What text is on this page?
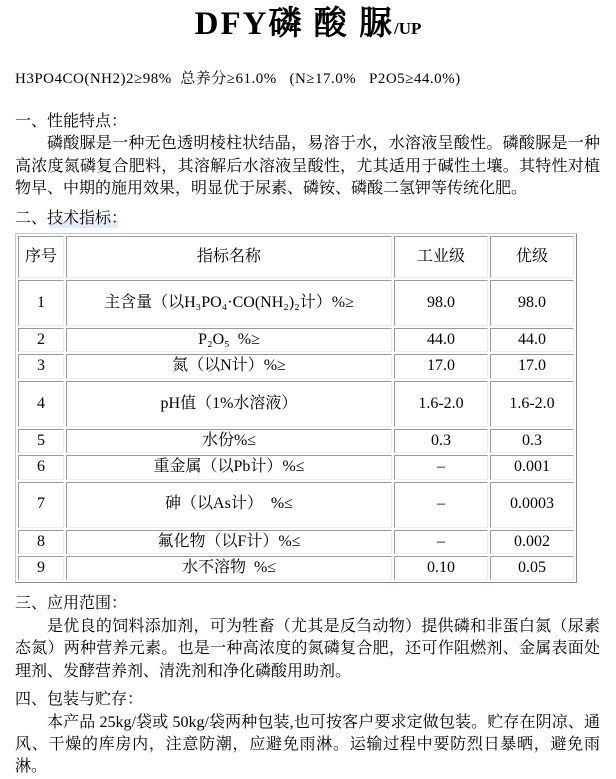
DFY磷 酸 脲/UP
H3PO4CO(NH2)2≥98%  总养分≥61.0%   (N≥17.0%   P2O5≥44.0%)
一、性能特点：

磷酸脲是一种无色透明棱柱状结晶，易溶于水，水溶液呈酸性。磷酸脲是一种高浓度氮磷复合肥料，其溶解后水溶液呈酸性，尤其适用于碱性土壤。其特性对植物早、中期的施用效果，明显优于尿素、磷铵、磷酸二氢钾等传统化肥。

二、技术指标：
序号	指标名称	工业级	优级
1	主含量（以H₃PO₄·CO(NH₂)₂计）%≥	98.0	98.0
2	P₂O₅  %≥	44.0	44.0
3	氮（以N计）%≥	17.0	17.0
4	pH值（1%水溶液）	1.6-2.0	1.6-2.0
5	水份%≤	0.3	0.3
6	重金属（以Pb计）%≤	–	0.001
7	砷（以As计）  %≤	–	0.0003
8	氟化物（以F计）%≤	–	0.002
9	水不溶物  %≤	0.10	0.05
三、应用范围：

是优良的饲料添加剂，可为牲畜（尤其是反刍动物）提供磷和非蛋白氮（尿素态氮）两种营养元素。也是一种高浓度的氮磷复合肥，还可作阻燃剂、金属表面处理剂、发酵营养剂、清洗剂和净化磷酸用助剂。

四、包装与贮存：

本产品 25kg/袋或 50kg/袋两种包装,也可按客户要求定做包装。贮存在阴凉、通风、干燥的库房内，注意防潮，应避免雨淋。运输过程中要防烈日暴晒，避免雨淋。
